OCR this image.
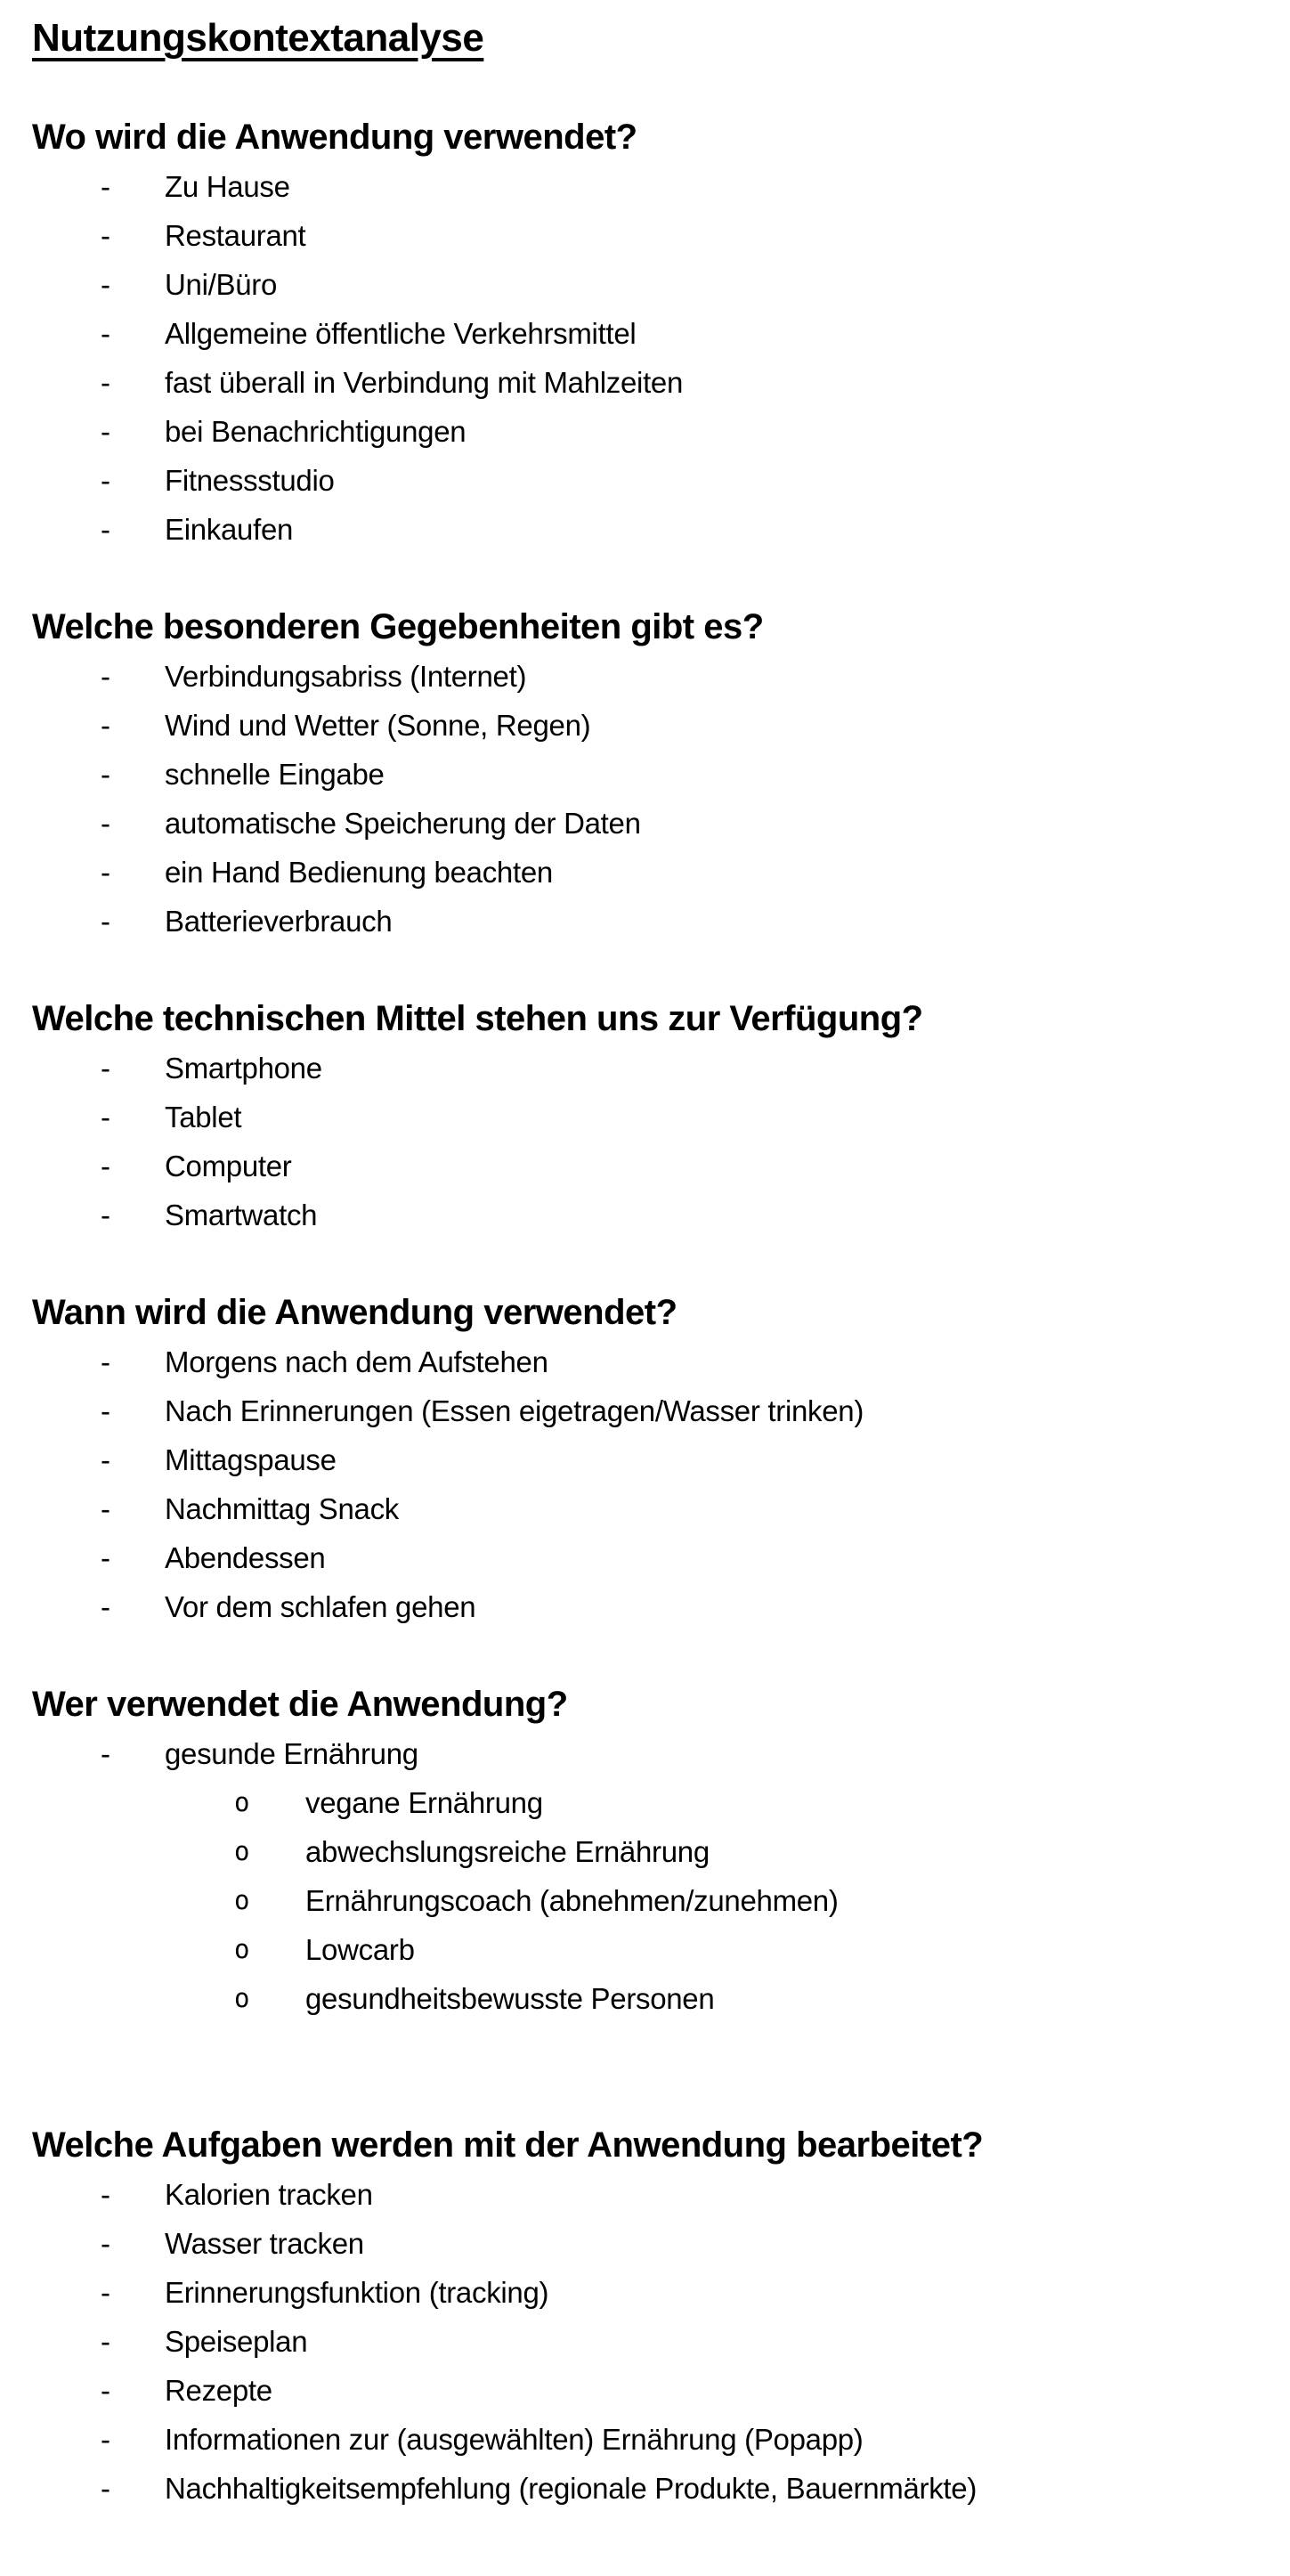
Nutzungskontextanalyse
Wo wird die Anwendung verwendet?
-	Zu Hause
-	Restaurant
-	Uni/Büro
-	Allgemeine öffentliche Verkehrsmittel
-	fast überall in Verbindung mit Mahlzeiten
-	bei Benachrichtigungen
-	Fitnessstudio
-	Einkaufen
Welche besonderen Gegebenheiten gibt es?
-	Verbindungsabriss (Internet)
-	Wind und Wetter (Sonne, Regen)
-	schnelle Eingabe
-	automatische Speicherung der Daten
-	ein Hand Bedienung beachten
-	Batterieverbrauch
Welche technischen Mittel stehen uns zur Verfügung?
-	Smartphone
-	Tablet
-	Computer
-	Smartwatch
Wann wird die Anwendung verwendet?
-	Morgens nach dem Aufstehen
-	Nach Erinnerungen (Essen eigetragen/Wasser trinken)
-	Mittagspause
-	Nachmittag Snack
-	Abendessen
-	Vor dem schlafen gehen
Wer verwendet die Anwendung?
-	gesunde Ernährung
o	vegane Ernährung
o	abwechslungsreiche Ernährung
o	Ernährungscoach (abnehmen/zunehmen)
o	Lowcarb
o	gesundheitsbewusste Personen
Welche Aufgaben werden mit der Anwendung bearbeitet?
-	Kalorien tracken
-	Wasser tracken
-	Erinnerungsfunktion (tracking)
-	Speiseplan
-	Rezepte
-	Informationen zur (ausgewählten) Ernährung (Popapp)
-	Nachhaltigkeitsempfehlung (regionale Produkte, Bauernmärkte)
